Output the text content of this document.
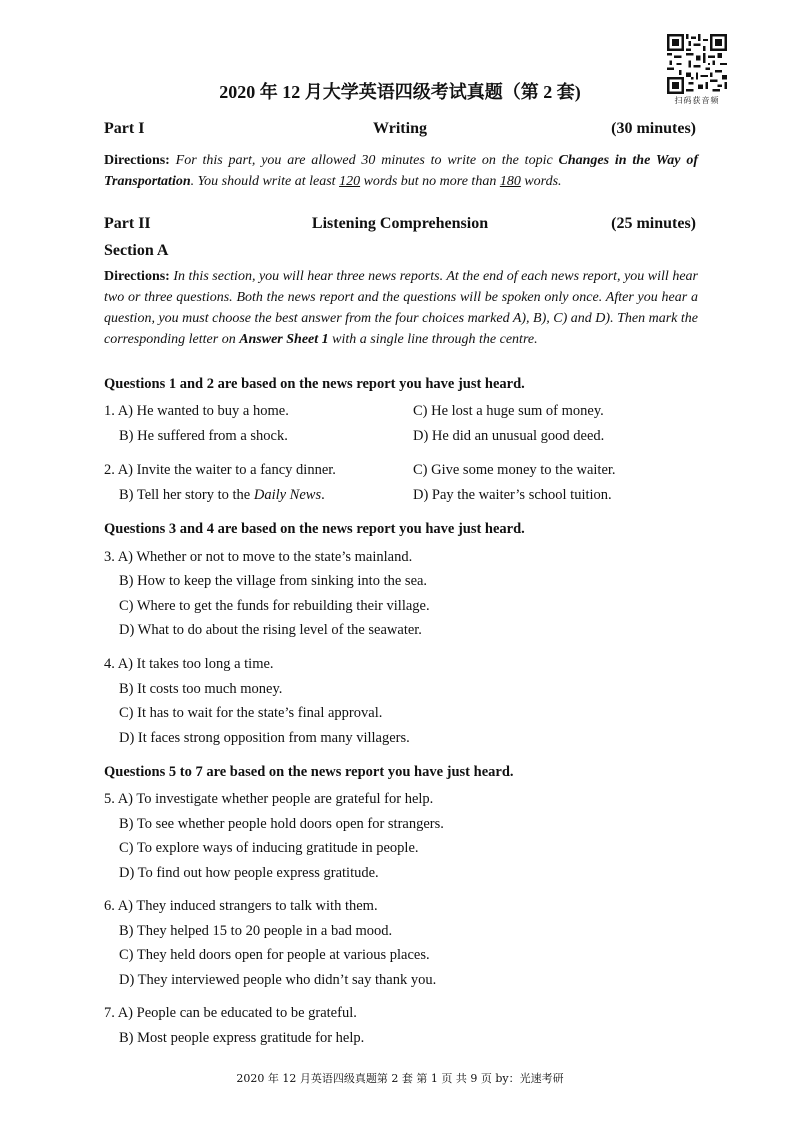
扫码获音频
2020 年 12 月大学英语四级考试真题（第 2 套)
Part I	Writing	(30 minutes)
Directions: For this part, you are allowed 30 minutes to write on the topic Changes in the Way of Transportation. You should write at least 120 words but no more than 180 words.
Part II	Listening Comprehension	(25 minutes)
Section A
Directions: In this section, you will hear three news reports. At the end of each news report, you will hear two or three questions. Both the news report and the questions will be spoken only once. After you hear a question, you must choose the best answer from the four choices marked A), B), C) and D). Then mark the corresponding letter on Answer Sheet 1 with a single line through the centre.
Questions 1 and 2 are based on the news report you have just heard.
1. A) He wanted to buy a home.	C) He lost a huge sum of money.
B) He suffered from a shock.	D) He did an unusual good deed.
2. A) Invite the waiter to a fancy dinner.	C) Give some money to the waiter.
B) Tell her story to the Daily News.	D) Pay the waiter’s school tuition.
Questions 3 and 4 are based on the news report you have just heard.
3. A) Whether or not to move to the state’s mainland.
B) How to keep the village from sinking into the sea.
C) Where to get the funds for rebuilding their village.
D) What to do about the rising level of the seawater.
4. A) It takes too long a time.
B) It costs too much money.
C) It has to wait for the state’s final approval.
D) It faces strong opposition from many villagers.
Questions 5 to 7 are based on the news report you have just heard.
5. A) To investigate whether people are grateful for help.
B) To see whether people hold doors open for strangers.
C) To explore ways of inducing gratitude in people.
D) To find out how people express gratitude.
6. A) They induced strangers to talk with them.
B) They helped 15 to 20 people in a bad mood.
C) They held doors open for people at various places.
D) They interviewed people who didn’t say thank you.
7. A) People can be educated to be grateful.
B) Most people express gratitude for help.
2020 年 12 月英语四级真题第 2 套 第 1 页 共 9 页 by：光速考研
